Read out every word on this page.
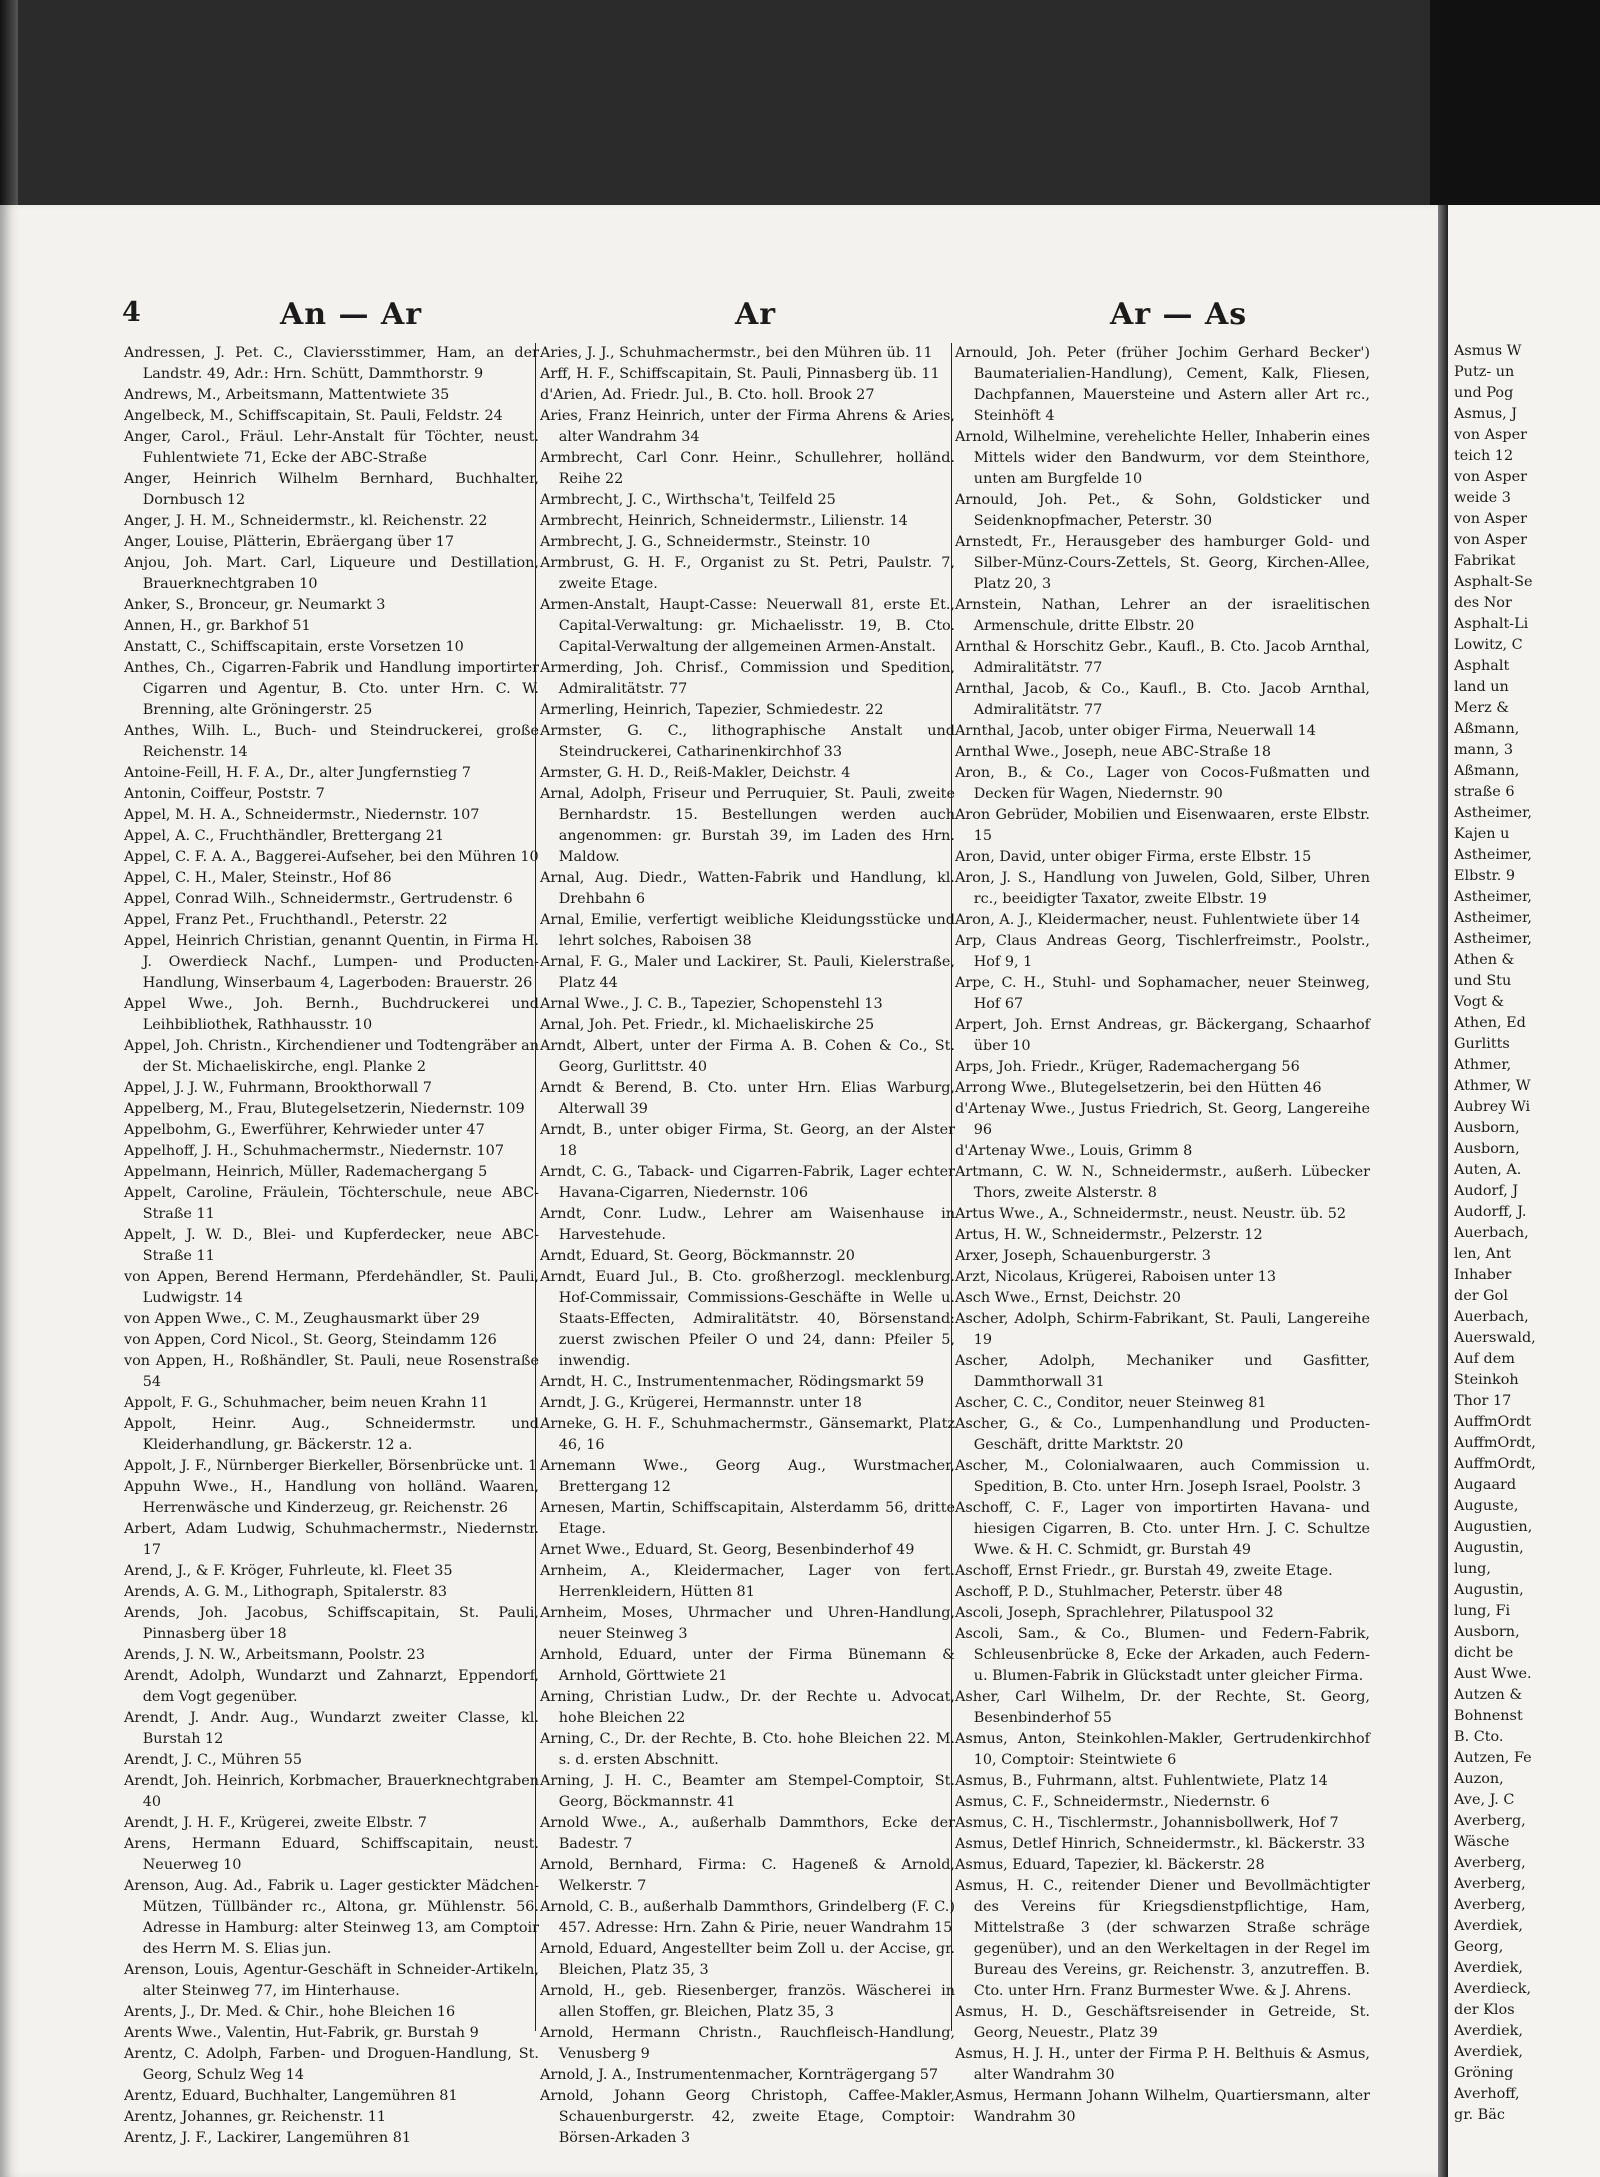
4	An — Ar	Ar	Ar — As

Andressen, J. Pet. C., Claviersstimmer, Ham, an der Landstr. 49, Adr.: Hrn. Schütt, Dammthorstr. 9

Andrews, M., Arbeitsmann, Mattentwiete 35

Angelbeck, M., Schiffscapitain, St. Pauli, Feldstr. 24

Anger, Carol., Fräul. Lehr-Anstalt für Töchter, neust. Fuhlentwiete 71, Ecke der ABC-Straße

Anger, Heinrich Wilhelm Bernhard, Buchhalter, Dornbusch 12

Anger, J. H. M., Schneidermstr., kl. Reichenstr. 22

Anger, Louise, Plätterin, Ebräergang über 17

Anjou, Joh. Mart. Carl, Liqueure und Destillation, Brauerknechtgraben 10

Anker, S., Bronceur, gr. Neumarkt 3

Annen, H., gr. Barkhof 51

Anstatt, C., Schiffscapitain, erste Vorsetzen 10

Anthes, Ch., Cigarren-Fabrik und Handlung importirter Cigarren und Agentur, B. Cto. unter Hrn. C. W. Brenning, alte Gröningerstr. 25

Anthes, Wilh. L., Buch- und Steindruckerei, große Reichenstr. 14

Antoine-Feill, H. F. A., Dr., alter Jungfernstieg 7

Antonin, Coiffeur, Poststr. 7

Appel, M. H. A., Schneidermstr., Niedernstr. 107

Appel, A. C., Fruchthändler, Brettergang 21

Appel, C. F. A. A., Baggerei-Aufseher, bei den Mühren 10

Appel, C. H., Maler, Steinstr., Hof 86

Appel, Conrad Wilh., Schneidermstr., Gertrudenstr. 6

Appel, Franz Pet., Fruchthandl., Peterstr. 22

Appel, Heinrich Christian, genannt Quentin, in Firma H. J. Owerdieck Nachf., Lumpen- und Producten-Handlung, Winserbaum 4, Lagerboden: Brauerstr. 26

Appel Wwe., Joh. Bernh., Buchdruckerei und Leihbibliothek, Rathhausstr. 10

Appel, Joh. Christn., Kirchendiener und Todtengräber an der St. Michaeliskirche, engl. Planke 2

Appel, J. J. W., Fuhrmann, Brookthorwall 7

Appelberg, M., Frau, Blutegelsetzerin, Niedernstr. 109

Appelbohm, G., Ewerführer, Kehrwieder unter 47

Appelhoff, J. H., Schuhmachermstr., Niedernstr. 107

Appelmann, Heinrich, Müller, Rademachergang 5

Appelt, Caroline, Fräulein, Töchterschule, neue ABC-Straße 11

Appelt, J. W. D., Blei- und Kupferdecker, neue ABC-Straße 11

von Appen, Berend Hermann, Pferdehändler, St. Pauli, Ludwigstr. 14

von Appen Wwe., C. M., Zeughausmarkt über 29

von Appen, Cord Nicol., St. Georg, Steindamm 126

von Appen, H., Roßhändler, St. Pauli, neue Rosenstraße 54

Appolt, F. G., Schuhmacher, beim neuen Krahn 11

Appolt, Heinr. Aug., Schneidermstr. und Kleiderhandlung, gr. Bäckerstr. 12 a.

Appolt, J. F., Nürnberger Bierkeller, Börsenbrücke unt. 1

Appuhn Wwe., H., Handlung von holländ. Waaren, Herrenwäsche und Kinderzeug, gr. Reichenstr. 26

Arbert, Adam Ludwig, Schuhmachermstr., Niedernstr. 17

Arend, J., & F. Kröger, Fuhrleute, kl. Fleet 35

Arends, A. G. M., Lithograph, Spitalerstr. 83

Arends, Joh. Jacobus, Schiffscapitain, St. Pauli, Pinnasberg über 18

Arends, J. N. W., Arbeitsmann, Poolstr. 23

Arendt, Adolph, Wundarzt und Zahnarzt, Eppendorf, dem Vogt gegenüber.

Arendt, J. Andr. Aug., Wundarzt zweiter Classe, kl. Burstah 12

Arendt, J. C., Mühren 55

Arendt, Joh. Heinrich, Korbmacher, Brauerknechtgraben 40

Arendt, J. H. F., Krügerei, zweite Elbstr. 7

Arens, Hermann Eduard, Schiffscapitain, neust. Neuerweg 10

Arenson, Aug. Ad., Fabrik u. Lager gestickter Mädchen-Mützen, Tüllbänder rc., Altona, gr. Mühlenstr. 56. Adresse in Hamburg: alter Steinweg 13, am Comptoir des Herrn M. S. Elias jun.

Arenson, Louis, Agentur-Geschäft in Schneider-Artikeln, alter Steinweg 77, im Hinterhause.

Arents, J., Dr. Med. & Chir., hohe Bleichen 16

Arents Wwe., Valentin, Hut-Fabrik, gr. Burstah 9

Arentz, C. Adolph, Farben- und Droguen-Handlung, St. Georg, Schulz Weg 14

Arentz, Eduard, Buchhalter, Langemühren 81

Arentz, Johannes, gr. Reichenstr. 11

Arentz, J. F., Lackirer, Langemühren 81

Aries, J. J., Schuhmachermstr., bei den Mühren üb. 11

Arff, H. F., Schiffscapitain, St. Pauli, Pinnasberg üb. 11

d'Arien, Ad. Friedr. Jul., B. Cto. holl. Brook 27

Aries, Franz Heinrich, unter der Firma Ahrens & Aries, alter Wandrahm 34

Armbrecht, Carl Conr. Heinr., Schullehrer, holländ. Reihe 22

Armbrecht, J. C., Wirthscha't, Teilfeld 25

Armbrecht, Heinrich, Schneidermstr., Lilienstr. 14

Armbrecht, J. G., Schneidermstr., Steinstr. 10

Armbrust, G. H. F., Organist zu St. Petri, Paulstr. 7, zweite Etage.

Armen-Anstalt, Haupt-Casse: Neuerwall 81, erste Et., Capital-Verwaltung: gr. Michaelisstr. 19, B. Cto. Capital-Verwaltung der allgemeinen Armen-Anstalt.

Armerding, Joh. Chrisf., Commission und Spedition, Admiralitätstr. 77

Armerling, Heinrich, Tapezier, Schmiedestr. 22

Armster, G. C., lithographische Anstalt und Steindruckerei, Catharinenkirchhof 33

Armster, G. H. D., Reiß-Makler, Deichstr. 4

Arnal, Adolph, Friseur und Perruquier, St. Pauli, zweite Bernhardstr. 15. Bestellungen werden auch angenommen: gr. Burstah 39, im Laden des Hrn. Maldow.

Arnal, Aug. Diedr., Watten-Fabrik und Handlung, kl. Drehbahn 6

Arnal, Emilie, verfertigt weibliche Kleidungsstücke und lehrt solches, Raboisen 38

Arnal, F. G., Maler und Lackirer, St. Pauli, Kielerstraße, Platz 44

Arnal Wwe., J. C. B., Tapezier, Schopenstehl 13

Arnal, Joh. Pet. Friedr., kl. Michaeliskirche 25

Arndt, Albert, unter der Firma A. B. Cohen & Co., St. Georg, Gurlittstr. 40

Arndt & Berend, B. Cto. unter Hrn. Elias Warburg, Alterwall 39

Arndt, B., unter obiger Firma, St. Georg, an der Alster 18

Arndt, C. G., Taback- und Cigarren-Fabrik, Lager echter Havana-Cigarren, Niedernstr. 106

Arndt, Conr. Ludw., Lehrer am Waisenhause in Harvestehude.

Arndt, Eduard, St. Georg, Böckmannstr. 20

Arndt, Euard Jul., B. Cto. großherzogl. mecklenburg. Hof-Commissair, Commissions-Geschäfte in Welle u. Staats-Effecten, Admiralitätstr. 40, Börsenstand: zuerst zwischen Pfeiler O und 24, dann: Pfeiler 5, inwendig.

Arndt, H. C., Instrumentenmacher, Rödingsmarkt 59

Arndt, J. G., Krügerei, Hermannstr. unter 18

Arneke, G. H. F., Schuhmachermstr., Gänsemarkt, Platz 46, 16

Arnemann Wwe., Georg Aug., Wurstmacher, Brettergang 12

Arnesen, Martin, Schiffscapitain, Alsterdamm 56, dritte Etage.

Arnet Wwe., Eduard, St. Georg, Besenbinderhof 49

Arnheim, A., Kleidermacher, Lager von fert. Herrenkleidern, Hütten 81

Arnheim, Moses, Uhrmacher und Uhren-Handlung, neuer Steinweg 3

Arnhold, Eduard, unter der Firma Bünemann & Arnhold, Görttwiete 21

Arning, Christian Ludw., Dr. der Rechte u. Advocat, hohe Bleichen 22

Arning, C., Dr. der Rechte, B. Cto. hohe Bleichen 22. M. s. d. ersten Abschnitt.

Arning, J. H. C., Beamter am Stempel-Comptoir, St. Georg, Böckmannstr. 41

Arnold Wwe., A., außerhalb Dammthors, Ecke der Badestr. 7

Arnold, Bernhard, Firma: C. Hageneß & Arnold, Welkerstr. 7

Arnold, C. B., außerhalb Dammthors, Grindelberg (F. C.) 457. Adresse: Hrn. Zahn & Pirie, neuer Wandrahm 15

Arnold, Eduard, Angestellter beim Zoll u. der Accise, gr. Bleichen, Platz 35, 3

Arnold, H., geb. Riesenberger, französ. Wäscherei in allen Stoffen, gr. Bleichen, Platz 35, 3

Arnold, Hermann Christn., Rauchfleisch-Handlung, Venusberg 9

Arnold, J. A., Instrumentenmacher, Kornträgergang 57

Arnold, Johann Georg Christoph, Caffee-Makler, Schauenburgerstr. 42, zweite Etage, Comptoir: Börsen-Arkaden 3

Arnould, Joh. Peter (früher Jochim Gerhard Becker') Baumaterialien-Handlung), Cement, Kalk, Fliesen, Dachpfannen, Mauersteine und Astern aller Art rc., Steinhöft 4

Arnold, Wilhelmine, verehelichte Heller, Inhaberin eines Mittels wider den Bandwurm, vor dem Steinthore, unten am Burgfelde 10

Arnould, Joh. Pet., & Sohn, Goldsticker und Seidenknopfmacher, Peterstr. 30

Arnstedt, Fr., Herausgeber des hamburger Gold- und Silber-Münz-Cours-Zettels, St. Georg, Kirchen-Allee, Platz 20, 3

Arnstein, Nathan, Lehrer an der israelitischen Armenschule, dritte Elbstr. 20

Arnthal & Horschitz Gebr., Kaufl., B. Cto. Jacob Arnthal, Admiralitätstr. 77

Arnthal, Jacob, & Co., Kaufl., B. Cto. Jacob Arnthal, Admiralitätstr. 77

Arnthal, Jacob, unter obiger Firma, Neuerwall 14

Arnthal Wwe., Joseph, neue ABC-Straße 18

Aron, B., & Co., Lager von Cocos-Fußmatten und Decken für Wagen, Niedernstr. 90

Aron Gebrüder, Mobilien und Eisenwaaren, erste Elbstr. 15

Aron, David, unter obiger Firma, erste Elbstr. 15

Aron, J. S., Handlung von Juwelen, Gold, Silber, Uhren rc., beeidigter Taxator, zweite Elbstr. 19

Aron, A. J., Kleidermacher, neust. Fuhlentwiete über 14

Arp, Claus Andreas Georg, Tischlerfreimstr., Poolstr., Hof 9, 1

Arpe, C. H., Stuhl- und Sophamacher, neuer Steinweg, Hof 67

Arpert, Joh. Ernst Andreas, gr. Bäckergang, Schaarhof über 10

Arps, Joh. Friedr., Krüger, Rademachergang 56

Arrong Wwe., Blutegelsetzerin, bei den Hütten 46

d'Artenay Wwe., Justus Friedrich, St. Georg, Langereihe 96

d'Artenay Wwe., Louis, Grimm 8

Artmann, C. W. N., Schneidermstr., außerh. Lübecker Thors, zweite Alsterstr. 8

Artus Wwe., A., Schneidermstr., neust. Neustr. üb. 52

Artus, H. W., Schneidermstr., Pelzerstr. 12

Arxer, Joseph, Schauenburgerstr. 3

Arzt, Nicolaus, Krügerei, Raboisen unter 13

Asch Wwe., Ernst, Deichstr. 20

Ascher, Adolph, Schirm-Fabrikant, St. Pauli, Langereihe 19

Ascher, Adolph, Mechaniker und Gasfitter, Dammthorwall 31

Ascher, C. C., Conditor, neuer Steinweg 81

Ascher, G., & Co., Lumpenhandlung und Producten-Geschäft, dritte Marktstr. 20

Ascher, M., Colonialwaaren, auch Commission u. Spedition, B. Cto. unter Hrn. Joseph Israel, Poolstr. 3

Aschoff, C. F., Lager von importirten Havana- und hiesigen Cigarren, B. Cto. unter Hrn. J. C. Schultze Wwe. & H. C. Schmidt, gr. Burstah 49

Aschoff, Ernst Friedr., gr. Burstah 49, zweite Etage.

Aschoff, P. D., Stuhlmacher, Peterstr. über 48

Ascoli, Joseph, Sprachlehrer, Pilatuspool 32

Ascoli, Sam., & Co., Blumen- und Federn-Fabrik, Schleusenbrücke 8, Ecke der Arkaden, auch Federn- u. Blumen-Fabrik in Glückstadt unter gleicher Firma.

Asher, Carl Wilhelm, Dr. der Rechte, St. Georg, Besenbinderhof 55

Asmus, Anton, Steinkohlen-Makler, Gertrudenkirchhof 10, Comptoir: Steintwiete 6

Asmus, B., Fuhrmann, altst. Fuhlentwiete, Platz 14

Asmus, C. F., Schneidermstr., Niedernstr. 6

Asmus, C. H., Tischlermstr., Johannisbollwerk, Hof 7

Asmus, Detlef Hinrich, Schneidermstr., kl. Bäckerstr. 33

Asmus, Eduard, Tapezier, kl. Bäckerstr. 28

Asmus, H. C., reitender Diener und Bevollmächtigter des Vereins für Kriegsdienstpflichtige, Ham, Mittelstraße 3 (der schwarzen Straße schräge gegenüber), und an den Werkeltagen in der Regel im Bureau des Vereins, gr. Reichenstr. 3, anzutreffen. B. Cto. unter Hrn. Franz Burmester Wwe. & J. Ahrens.

Asmus, H. D., Geschäftsreisender in Getreide, St. Georg, Neuestr., Platz 39

Asmus, H. J. H., unter der Firma P. H. Belthuis & Asmus, alter Wandrahm 30

Asmus, Hermann Johann Wilhelm, Quartiersmann, alter Wandrahm 30

Asmus W

Putz- un

und Pog

Asmus, J

von Asper

teich 12

von Asper

weide 3

von Asper

von Asper

Fabrikat

Asphalt-Se

des Nor

Asphalt-Li

Lowitz, C

Asphalt

land un

Merz &

Aßmann,

mann, 3

Aßmann,

straße 6

Astheimer,

Kajen u

Astheimer,

Elbstr. 9

Astheimer,

Astheimer,

Astheimer,

Athen &

und Stu

Vogt &

Athen, Ed

Gurlitts

Athmer,

Athmer, W

Aubrey Wi

Ausborn,

Ausborn,

Auten, A.

Audorf, J

Audorff, J.

Auerbach,

len, Ant

Inhaber

der Gol

Auerbach,

Auerswald,

Auf dem

Steinkoh

Thor 17

AuffmOrdt

AuffmOrdt,

AuffmOrdt,

Augaard

Auguste,

Augustien,

Augustin,

lung,

Augustin,

lung, Fi

Ausborn,

dicht be

Aust Wwe.

Autzen &

Bohnenst

B. Cto.

Autzen, Fe

Auzon,

Ave, J. C

Averberg,

Wäsche

Averberg,

Averberg,

Averberg,

Averdiek,

Georg,

Averdiek,

Averdieck,

der Klos

Averdiek,

Averdiek,

Gröning

Averhoff,

gr. Bäc
